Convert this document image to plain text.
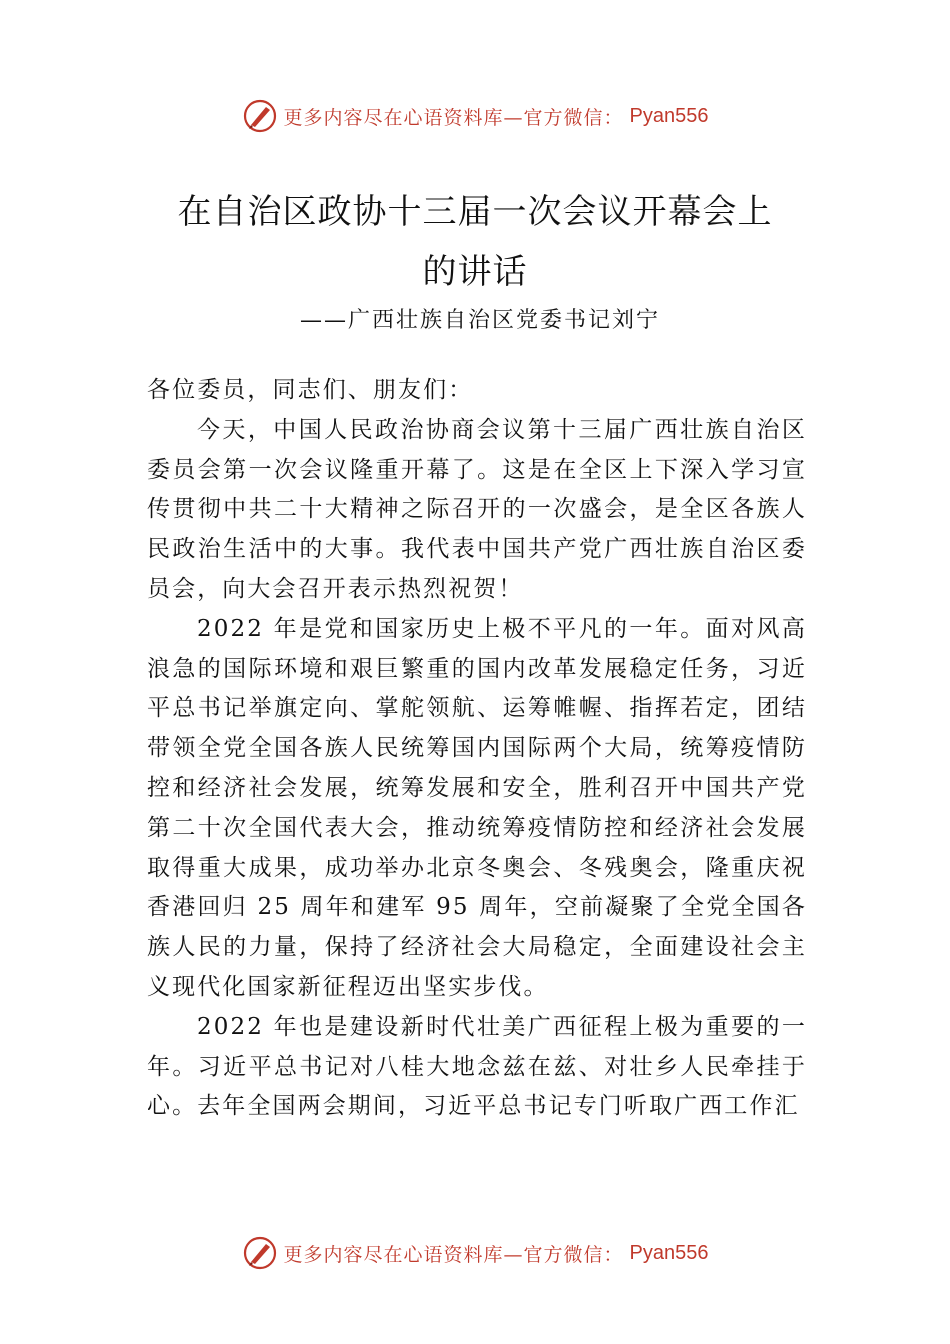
更多内容尽在心语资料库—官方微信： Pyan556
在自治区政协十三届一次会议开幕会上
的讲话
——广西壮族自治区党委书记刘宁

各位委员，同志们、朋友们：

今天，中国人民政治协商会议第十三届广西壮族自治区委员会第一次会议隆重开幕了。这是在全区上下深入学习宣传贯彻中共二十大精神之际召开的一次盛会，是全区各族人民政治生活中的大事。我代表中国共产党广西壮族自治区委员会，向大会召开表示热烈祝贺！

2022 年是党和国家历史上极不平凡的一年。面对风高浪急的国际环境和艰巨繁重的国内改革发展稳定任务，习近平总书记举旗定向、掌舵领航、运筹帷幄、指挥若定，团结带领全党全国各族人民统筹国内国际两个大局，统筹疫情防控和经济社会发展，统筹发展和安全，胜利召开中国共产党第二十次全国代表大会，推动统筹疫情防控和经济社会发展取得重大成果，成功举办北京冬奥会、冬残奥会，隆重庆祝香港回归 25 周年和建军 95 周年，空前凝聚了全党全国各族人民的力量，保持了经济社会大局稳定，全面建设社会主义现代化国家新征程迈出坚实步伐。

2022 年也是建设新时代壮美广西征程上极为重要的一年。习近平总书记对八桂大地念兹在兹、对壮乡人民牵挂于心。去年全国两会期间，习近平总书记专门听取广西工作汇

更多内容尽在心语资料库—官方微信： Pyan556
